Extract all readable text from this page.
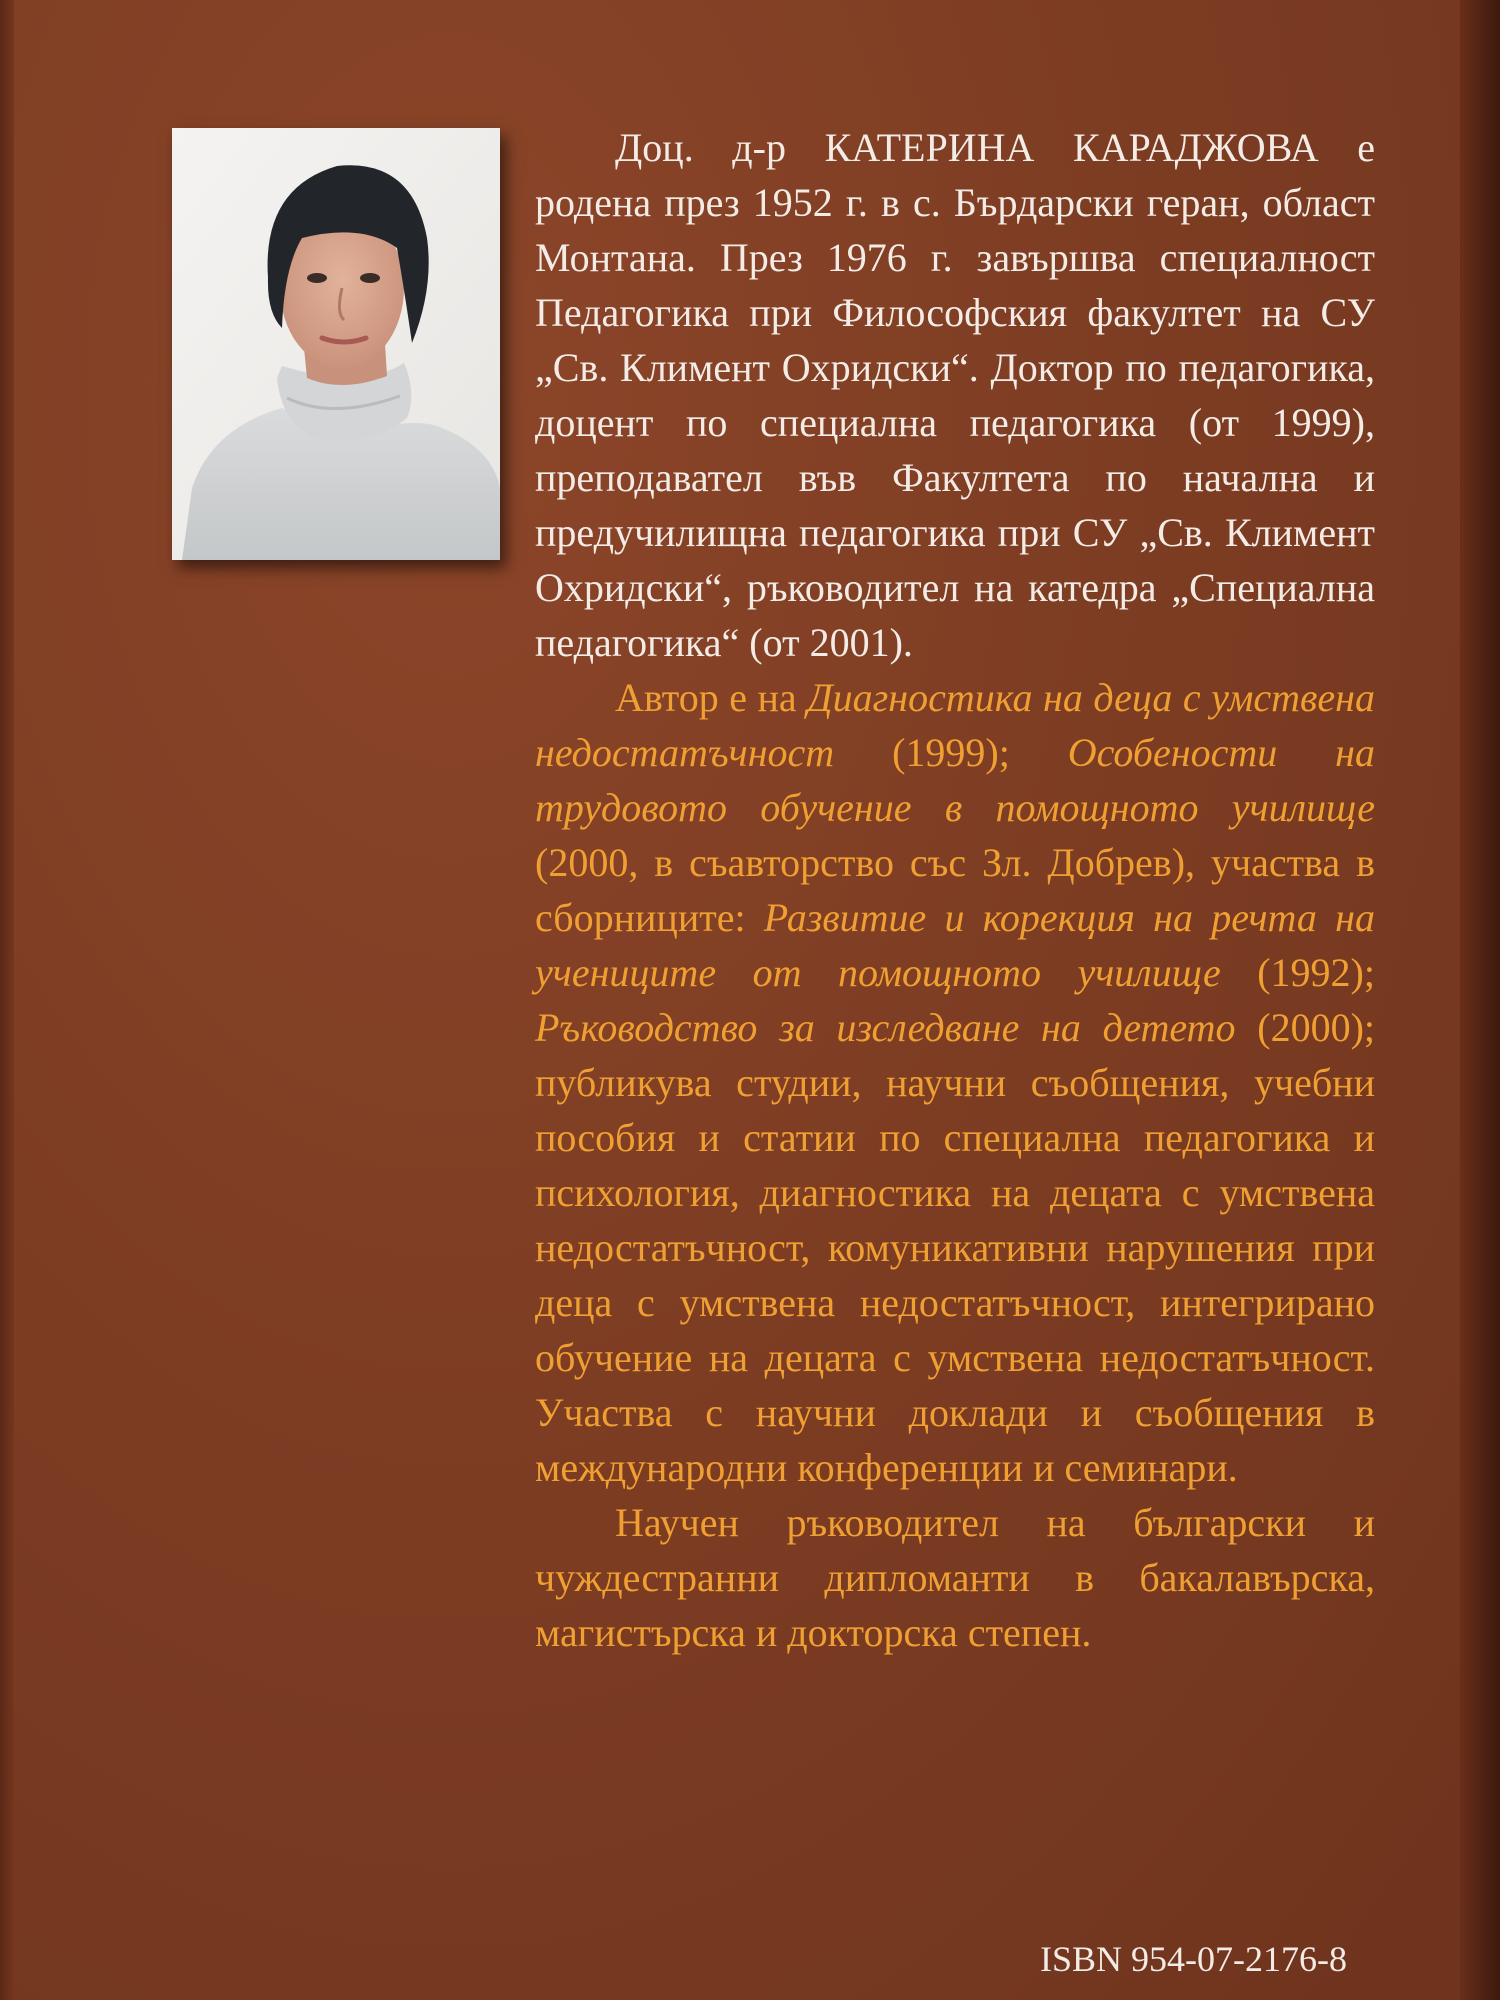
Доц. д-р КАТЕРИНА КАРАДЖОВА е родена през 1952 г. в с. Бърдарски геран, област Монтана. През 1976 г. завършва специалност Педагогика при Философския факултет на СУ „Св. Климент Охридски“. Доктор по педагогика, доцент по специална педагогика (от 1999), преподавател във Факултета по начална и предучилищна педагогика при СУ „Св. Климент Охридски“, ръководител на катедра „Специална педагогика“ (от 2001).

Автор е на Диагностика на деца с умствена недостатъчност (1999); Особености на трудовото обучение в помощното училище (2000, в съавторство със Зл. Добрев), участва в сборниците: Развитие и корекция на речта на учениците от помощното училище (1992); Ръководство за изследване на детето (2000); публикува студии, научни съобщения, учебни пособия и статии по специална педагогика и психология, диагностика на децата с умствена недостатъчност, комуникативни нарушения при деца с умствена недостатъчност, интегрирано обучение на децата с умствена недостатъчност. Участва с научни доклади и съобщения в международни конференции и семинари.

Научен ръководител на български и чуждестранни дипломанти в бакалавърска, магистърска и докторска степен.

ISBN 954-07-2176-8
